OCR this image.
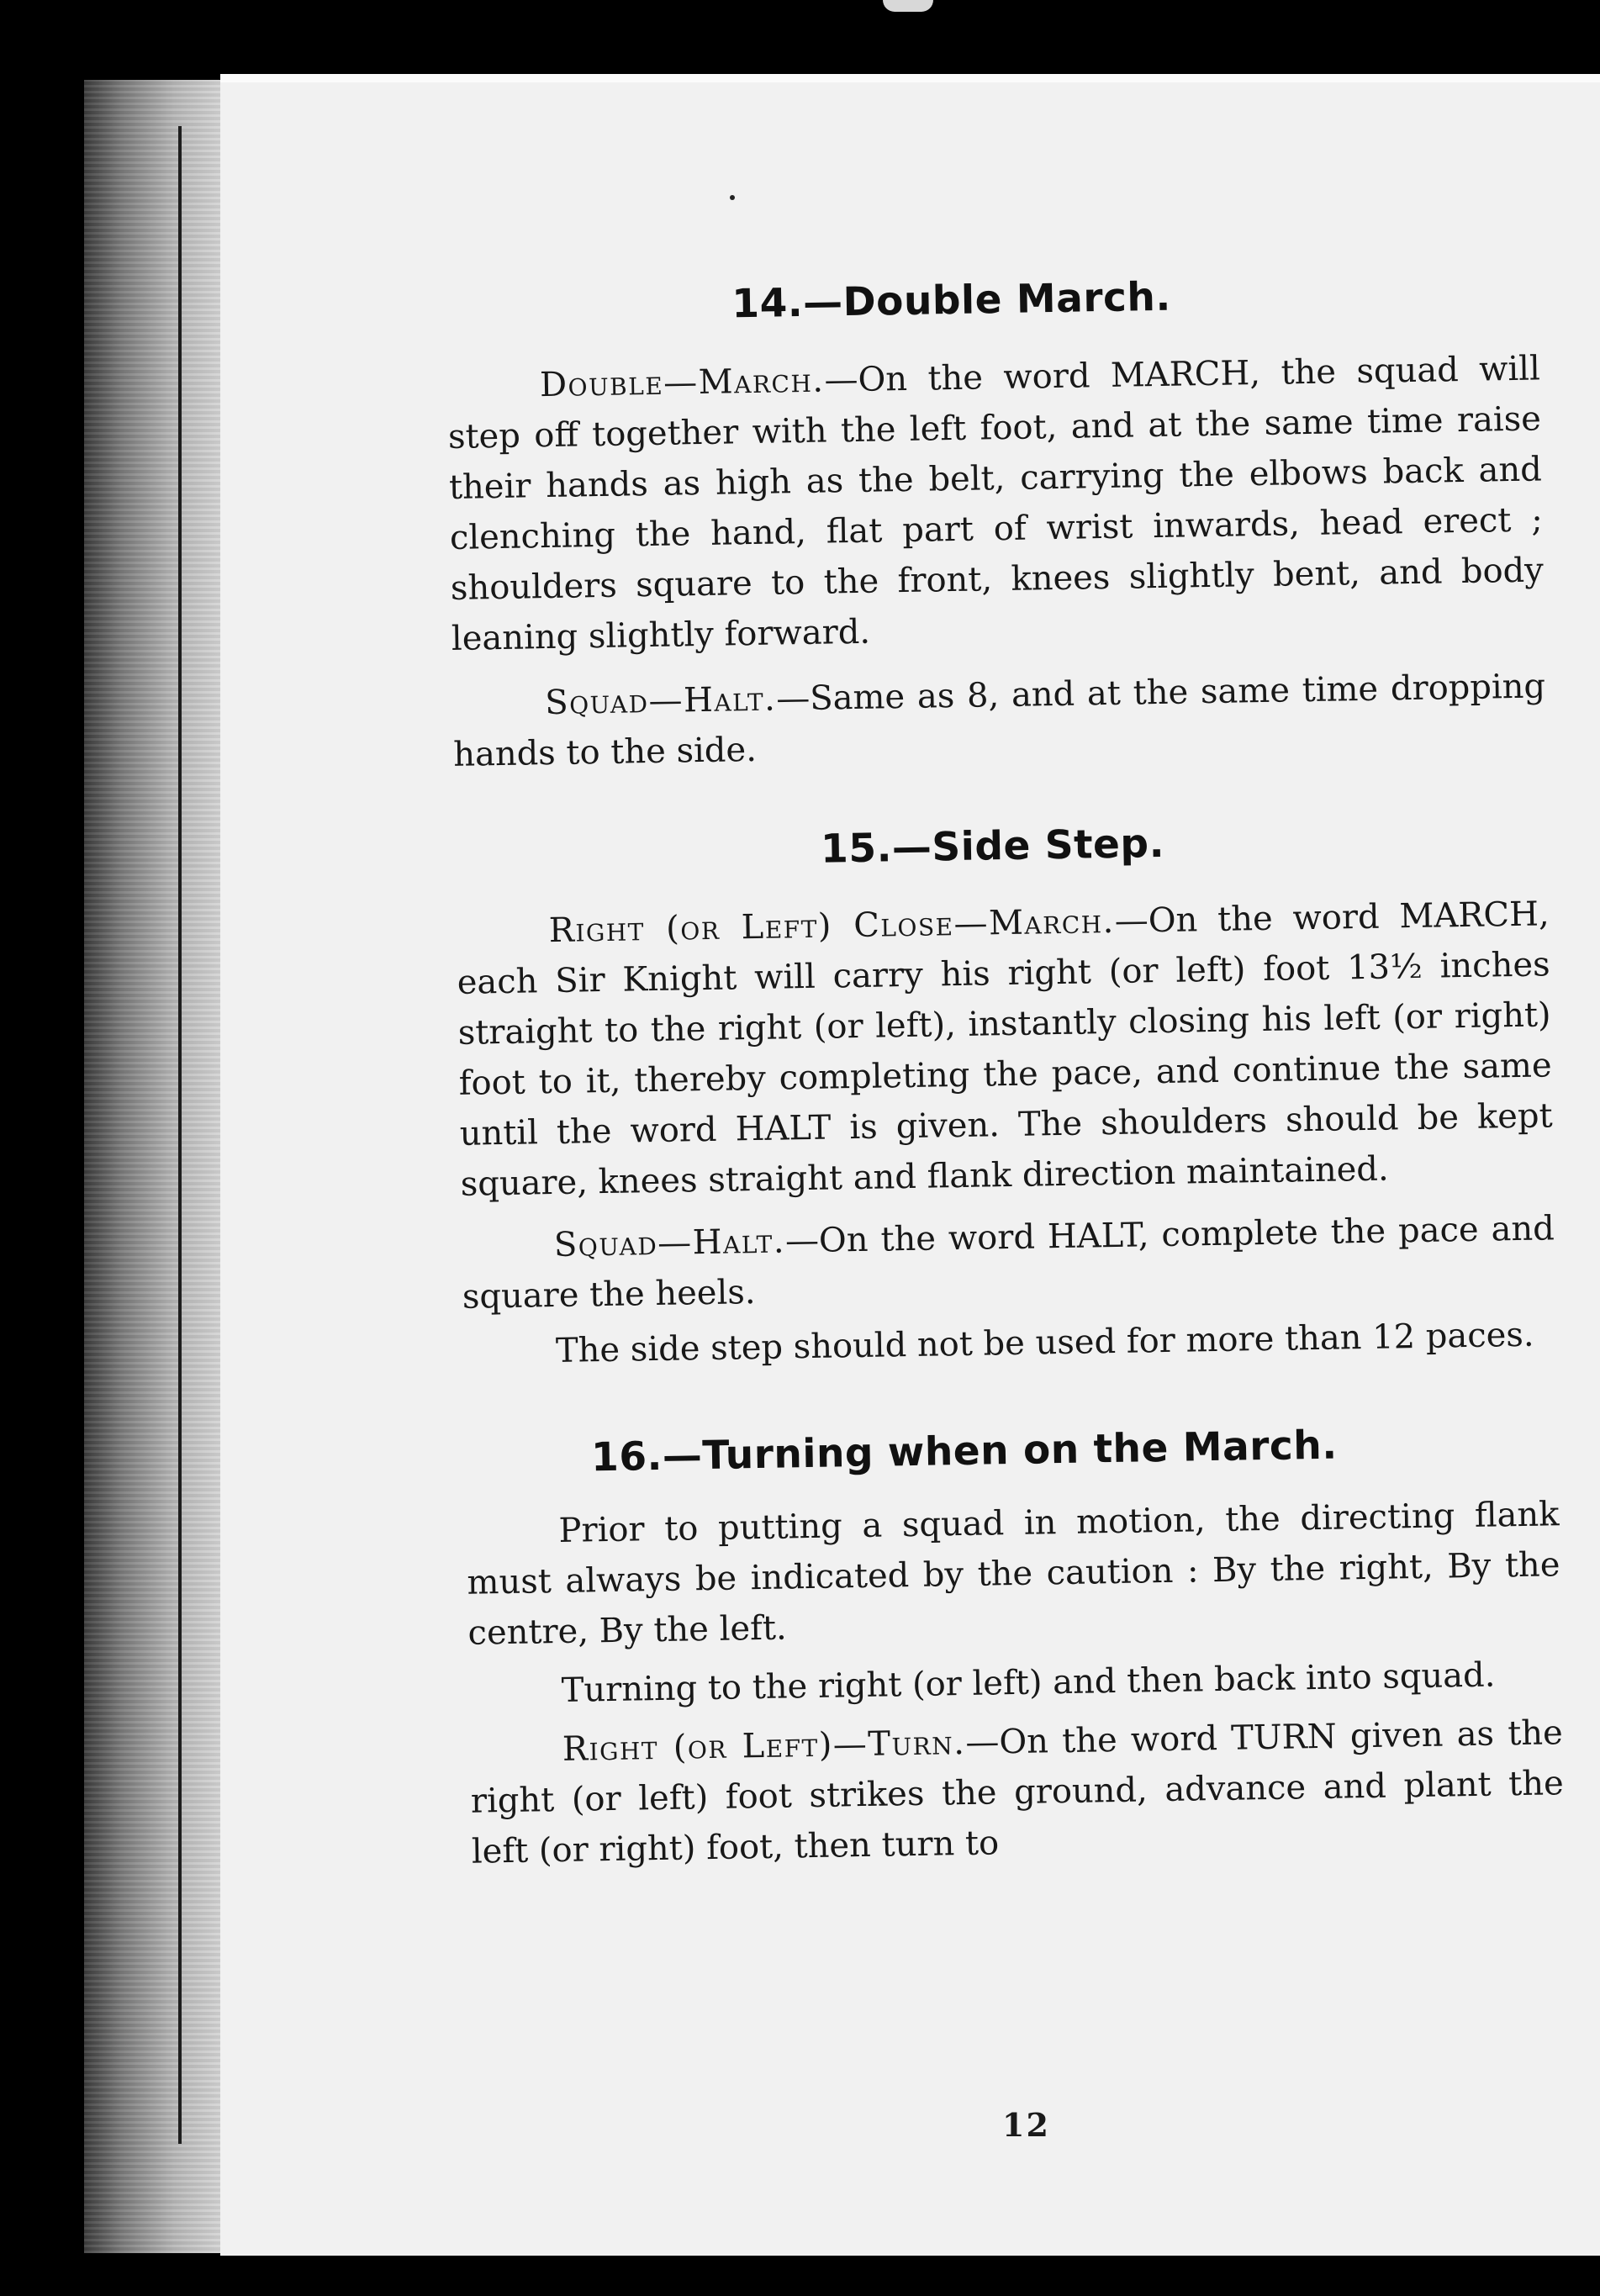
14.—Double March.

Double—March.—On the word MARCH, the squad will step off together with the left foot, and at the same time raise their hands as high as the belt, carrying the elbows back and clenching the hand, flat part of wrist inwards, head erect ; shoulders square to the front, knees slightly bent, and body leaning slightly forward.

Squad—Halt.—Same as 8, and at the same time dropping hands to the side.

15.—Side Step.

Right (or Left) Close—March.—On the word MARCH, each Sir Knight will carry his right (or left) foot 13½ inches straight to the right (or left), instantly closing his left (or right) foot to it, thereby completing the pace, and continue the same until the word HALT is given. The shoulders should be kept square, knees straight and flank direction maintained.

Squad—Halt.—On the word HALT, complete the pace and square the heels.

The side step should not be used for more than 12 paces.

16.—Turning when on the March.

Prior to putting a squad in motion, the directing flank must always be indicated by the caution : By the right, By the centre, By the left.

Turning to the right (or left) and then back into squad.

Right (or Left)—Turn.—On the word TURN given as the right (or left) foot strikes the ground, advance and plant the left (or right) foot, then turn to

12
